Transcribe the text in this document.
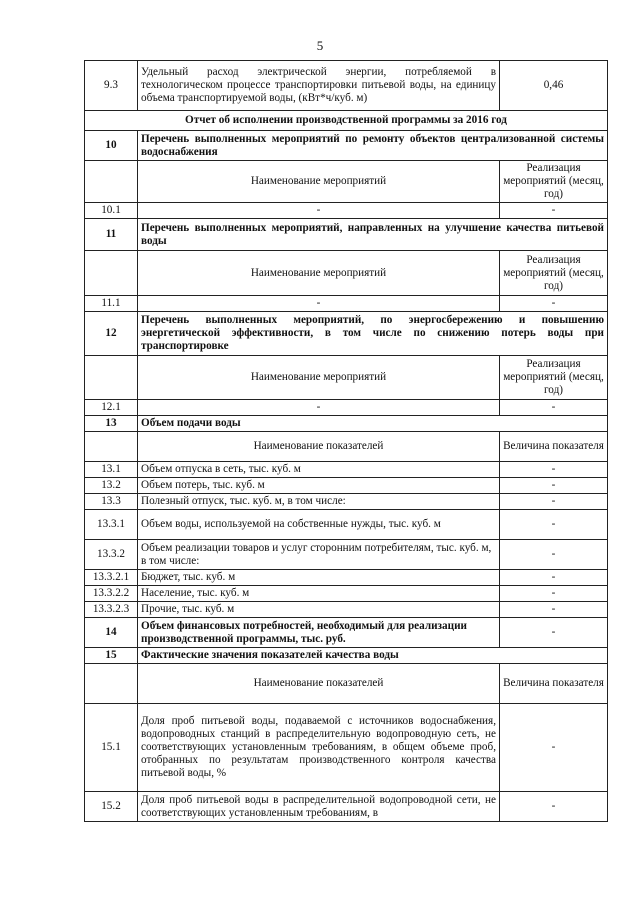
5
9.3	Удельный расход электрической энергии, потребляемой в технологическом процессе транспортировки питьевой воды, на единицу объема транспортируемой воды, (кВт*ч/куб. м)	0,46
Отчет об исполнении производственной программы за 2016 год		
10	Перечень выполненных мероприятий по ремонту объектов централизованной системы водоснабжения	
	Наименование мероприятий	Реализация мероприятий (месяц, год)
10.1	-	-
11	Перечень выполненных мероприятий, направленных на улучшение качества питьевой воды	
	Наименование мероприятий	Реализация мероприятий (месяц, год)
11.1	-	-
12	Перечень выполненных мероприятий, по энергосбережению и повышению энергетической эффективности, в том числе по снижению потерь воды при транспортировке	
	Наименование мероприятий	Реализация мероприятий (месяц, год)
12.1	-	-
13	Объем подачи воды	
	Наименование показателей	Величина показателя
13.1	Объем отпуска в сеть, тыс. куб. м	-
13.2	Объем потерь, тыс. куб. м	-
13.3	Полезный отпуск, тыс. куб. м, в том числе:	-
13.3.1	Объем воды, используемой на собственные нужды, тыс. куб. м	-
13.3.2	Объем реализации товаров и услуг сторонним потребителям, тыс. куб. м, в том числе:	-
13.3.2.1	Бюджет, тыс. куб. м	-
13.3.2.2	Население, тыс. куб. м	-
13.3.2.3	Прочие, тыс. куб. м	-
14	Объем финансовых потребностей, необходимый для реализации производственной программы, тыс. руб.	-
15	Фактические значения показателей качества воды	
	Наименование показателей	Величина показателя
15.1	Доля проб питьевой воды, подаваемой с источников водоснабжения, водопроводных станций в распределительную водопроводную сеть, не соответствующих установленным требованиям, в общем объеме проб, отобранных по результатам производственного контроля качества питьевой воды, %	-
15.2	Доля проб питьевой воды в распределительной водопроводной сети, не соответствующих установленным требованиям, в	-
